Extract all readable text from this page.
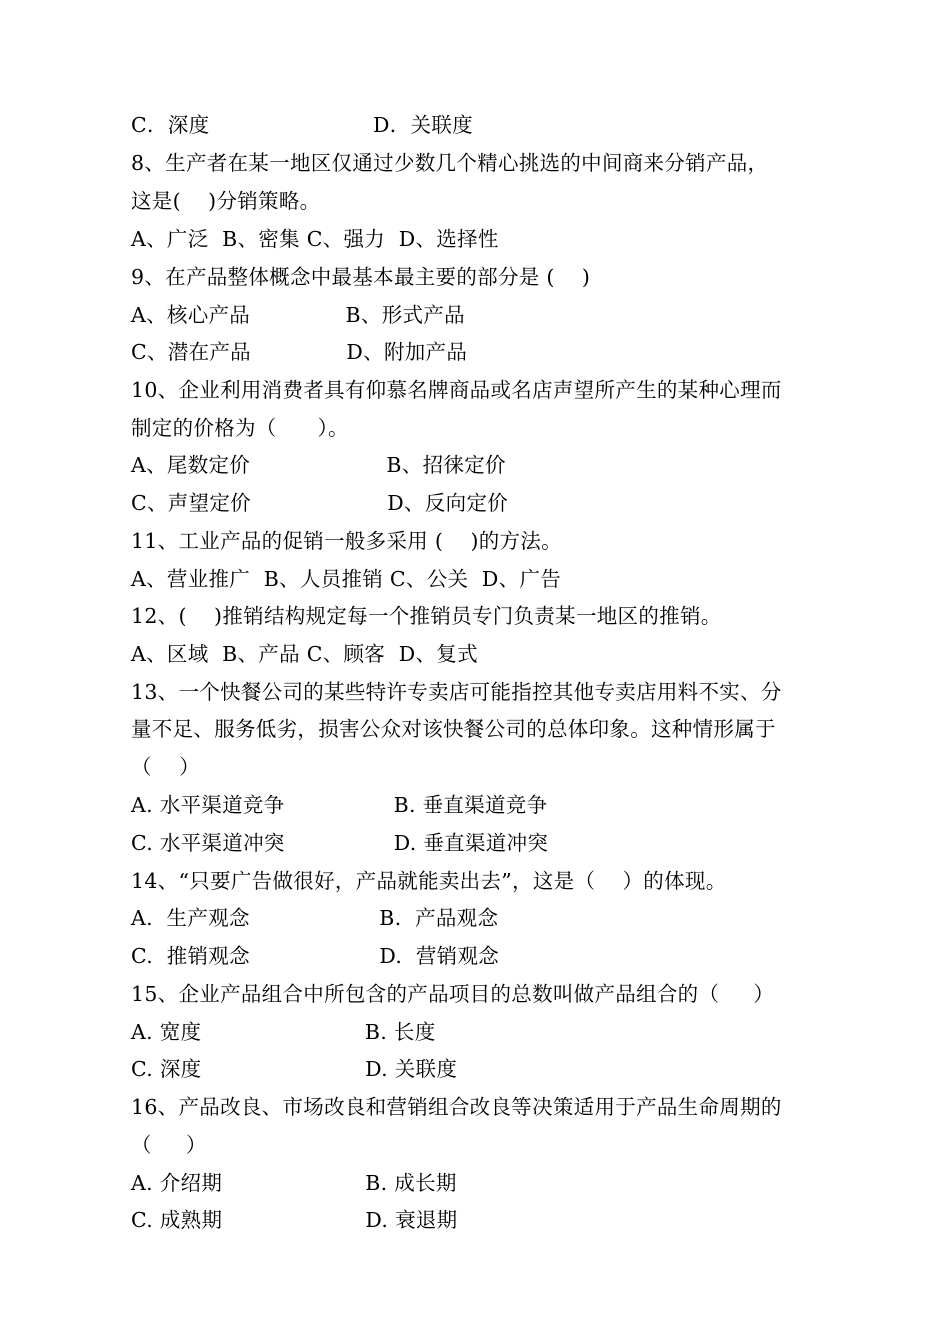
C．深度                        D．关联度
8、生产者在某一地区仅通过少数几个精心挑选的中间商来分销产品，
这是(    )分销策略。
A、广泛  B、密集 C、强力  D、选择性
9、在产品整体概念中最基本最主要的部分是 (    )
A、核心产品              B、形式产品
C、潜在产品              D、附加产品
10、企业利用消费者具有仰慕名牌商品或名店声望所产生的某种心理而
制定的价格为（      ）。
A、尾数定价                    B、招徕定价
C、声望定价                    D、反向定价
11、工业产品的促销一般多采用 (    )的方法。
A、营业推广  B、人员推销 C、公关  D、广告
12、(    )推销结构规定每一个推销员专门负责某一地区的推销。
A、区域  B、产品 C、顾客  D、复式
13、一个快餐公司的某些特许专卖店可能指控其他专卖店用料不实、分
量不足、服务低劣，损害公众对该快餐公司的总体印象。这种情形属于
（    ）
A. 水平渠道竞争                B. 垂直渠道竞争
C. 水平渠道冲突                D. 垂直渠道冲突
14、“只要广告做很好，产品就能卖出去”，这是（    ）的体现。
A.  生产观念                   B.  产品观念
C.  推销观念                   D.  营销观念
15、企业产品组合中所包含的产品项目的总数叫做产品组合的（     ）
A. 宽度                        B. 长度
C. 深度                        D. 关联度
16、产品改良、市场改良和营销组合改良等决策适用于产品生命周期的
（     ）
A. 介绍期                     B. 成长期
C. 成熟期                     D. 衰退期
